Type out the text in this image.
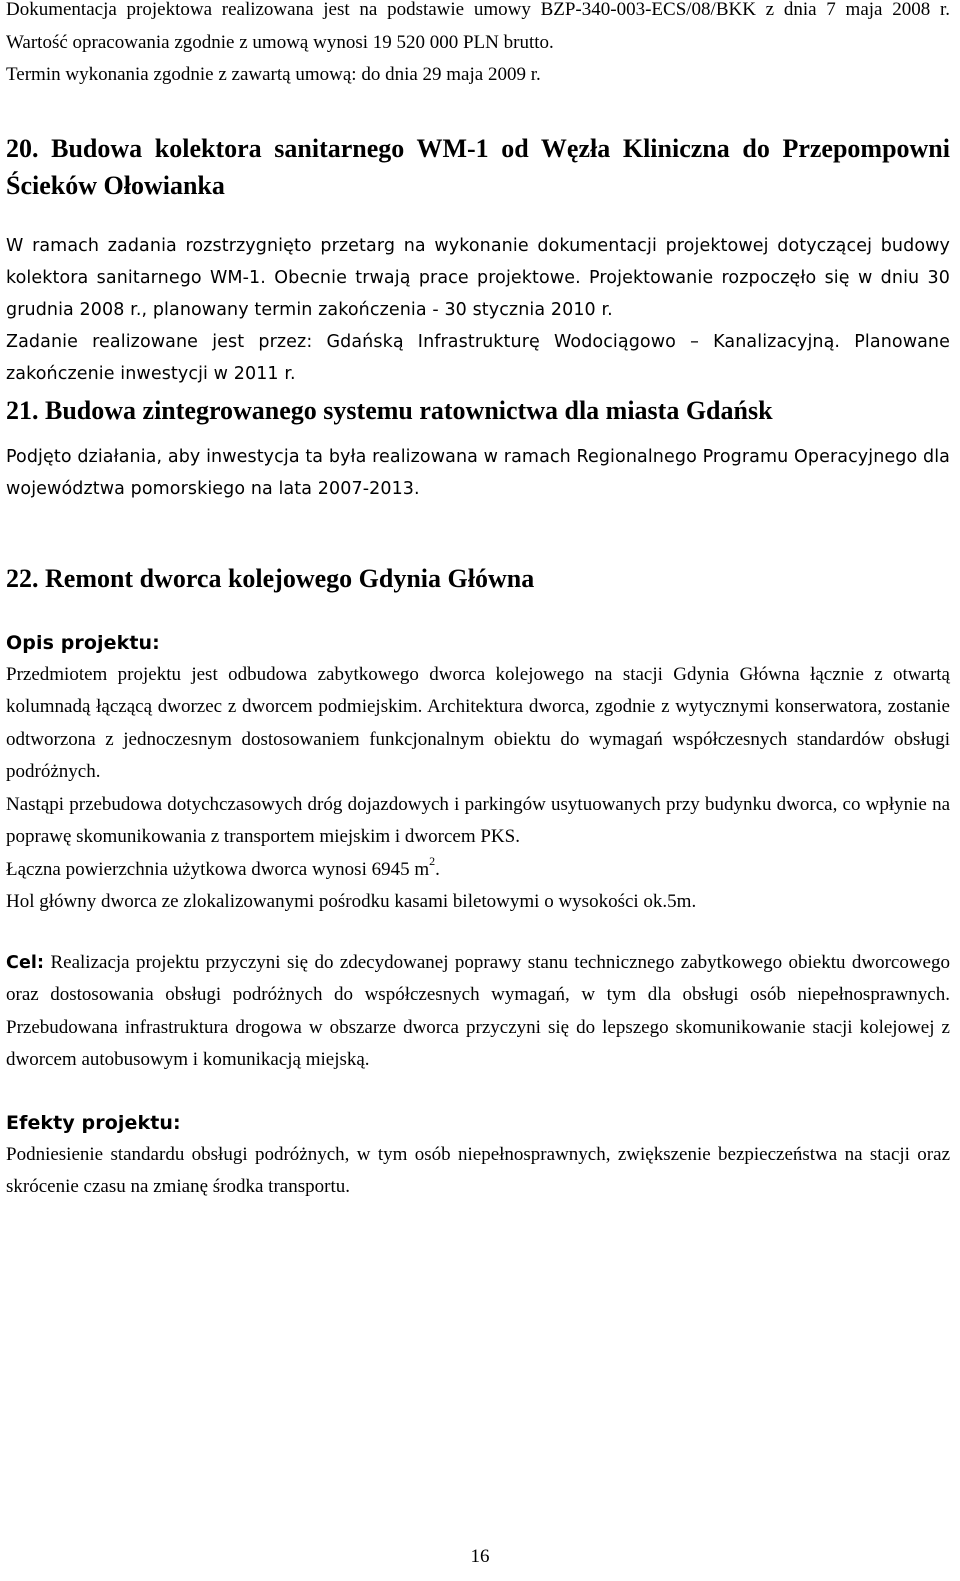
Dokumentacja projektowa realizowana jest na podstawie umowy BZP-340-003-ECS/08/BKK z dnia 7 maja 2008 r. Wartość opracowania zgodnie z umową wynosi 19 520 000 PLN brutto.

Termin wykonania zgodnie z zawartą umową: do dnia 29 maja 2009 r.

20. Budowa kolektora sanitarnego WM-1 od Węzła Kliniczna do Przepompowni Ścieków Ołowianka

W ramach zadania rozstrzygnięto przetarg na wykonanie dokumentacji projektowej dotyczącej budowy kolektora sanitarnego WM-1. Obecnie trwają prace projektowe. Projektowanie rozpoczęło się w dniu 30 grudnia 2008 r., planowany termin zakończenia - 30 stycznia 2010 r.

Zadanie realizowane jest przez: Gdańską Infrastrukturę Wodociągowo – Kanalizacyjną. Planowane zakończenie inwestycji w 2011 r.

21. Budowa zintegrowanego systemu ratownictwa dla miasta Gdańsk

Podjęto działania, aby inwestycja ta była realizowana w ramach Regionalnego Programu Operacyjnego dla województwa pomorskiego na lata 2007-2013.

22. Remont dworca kolejowego Gdynia Główna

Opis projektu:

Przedmiotem projektu jest odbudowa zabytkowego dworca kolejowego na stacji Gdynia Główna łącznie z otwartą kolumnadą łączącą dworzec z dworcem podmiejskim. Architektura dworca, zgodnie z wytycznymi konserwatora, zostanie odtworzona z jednoczesnym dostosowaniem funkcjonalnym obiektu do wymagań współczesnych standardów obsługi podróżnych.

Nastąpi przebudowa dotychczasowych dróg dojazdowych i parkingów usytuowanych przy budynku dworca, co wpłynie na poprawę skomunikowania z transportem miejskim i dworcem PKS.

Łączna powierzchnia użytkowa dworca wynosi 6945 $m^2$.

Hol główny dworca ze zlokalizowanymi pośrodku kasami biletowymi o wysokości ok.5m.

Cel: Realizacja projektu przyczyni się do zdecydowanej poprawy stanu technicznego zabytkowego obiektu dworcowego oraz dostosowania obsługi podróżnych do współczesnych wymagań, w tym dla obsługi osób niepełnosprawnych. Przebudowana infrastruktura drogowa w obszarze dworca przyczyni się do lepszego skomunikowanie stacji kolejowej z dworcem autobusowym i komunikacją miejską.

Efekty projektu:

Podniesienie standardu obsługi podróżnych, w tym osób niepełnosprawnych, zwiększenie bezpieczeństwa na stacji oraz skrócenie czasu na zmianę środka transportu.

16
